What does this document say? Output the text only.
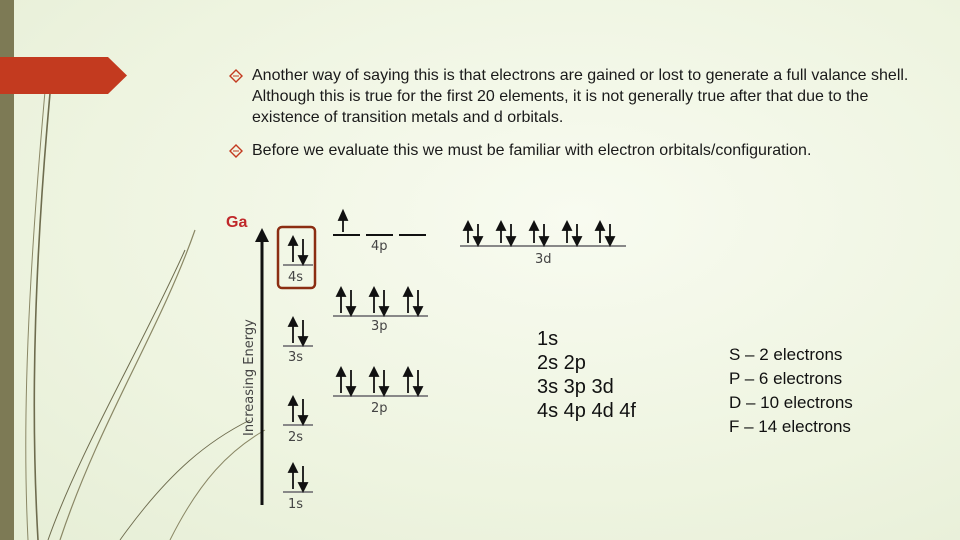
Another way of saying this is that electrons are gained or lost to generate a full valance shell. Although this is true for the first 20 elements, it is not generally true after that due to the existence of transition metals and d orbitals.
Before we evaluate this we must be familiar with electron orbitals/configuration.
Ga
Increasing Energy
1s
2s
2p
3s
3p
4s
4p
3d
1s
2s 2p
3s 3p 3d
4s 4p 4d 4f
S – 2 electrons
P – 6 electrons
D – 10 electrons
F – 14 electrons
